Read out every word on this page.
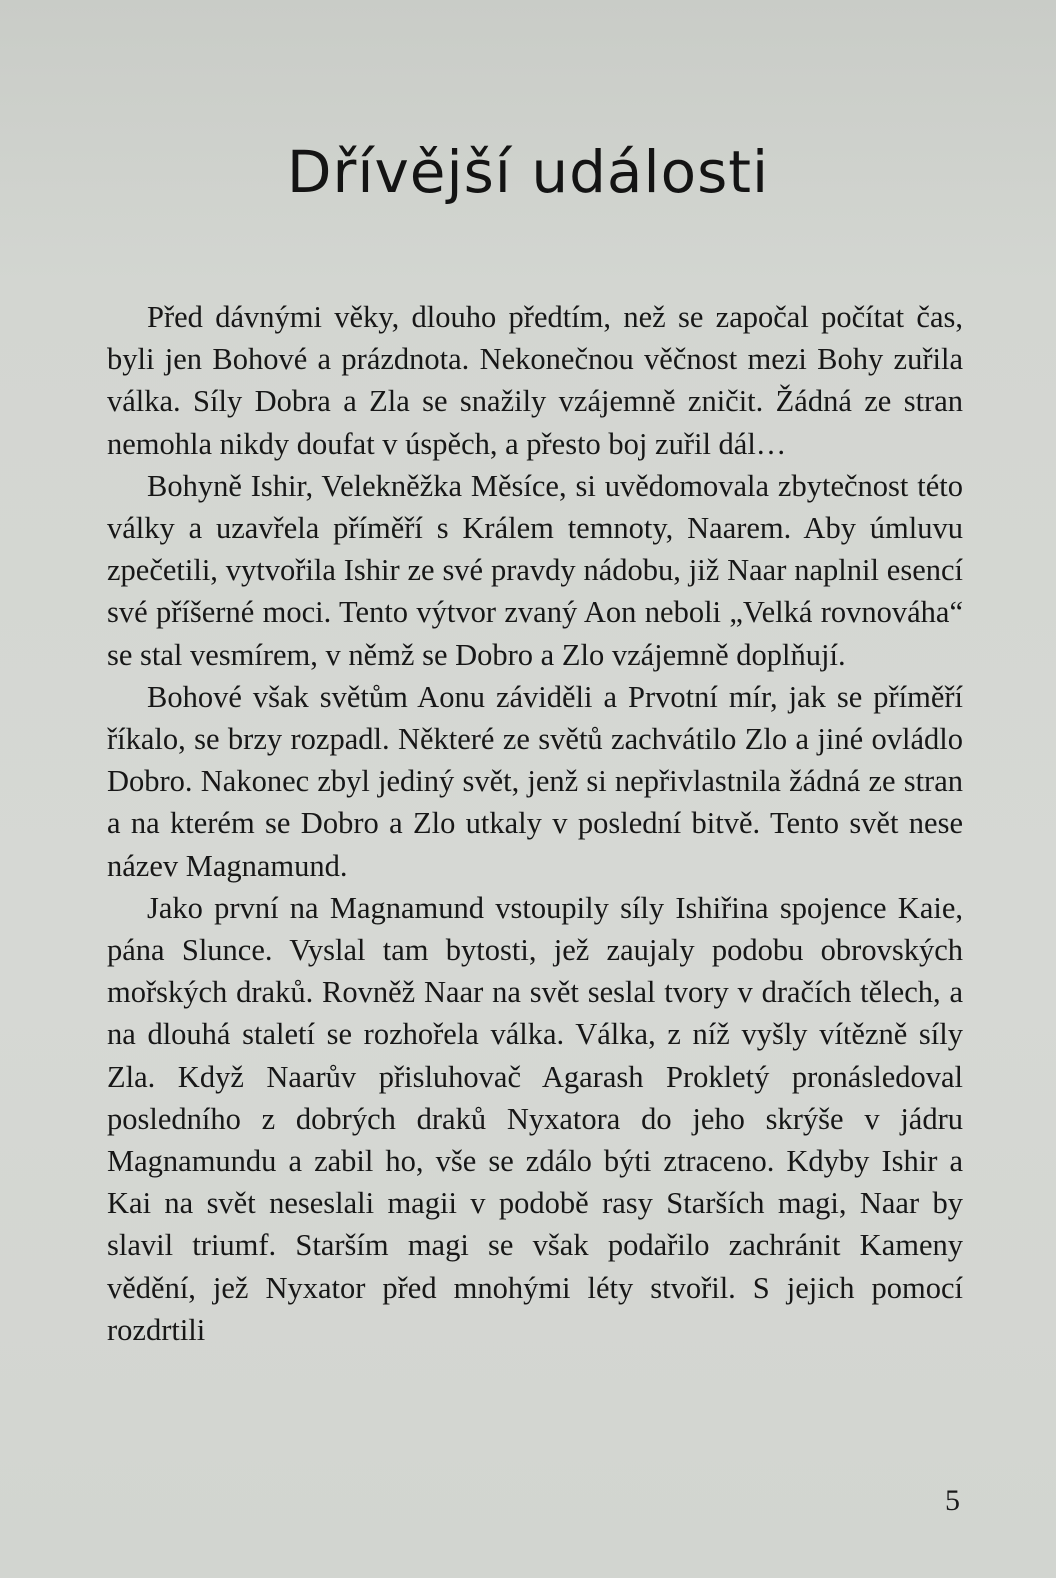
Dřívější události

Před dávnými věky, dlouho předtím, než se započal počítat čas, byli jen Bohové a prázdnota. Nekonečnou věčnost mezi Bohy zuřila válka. Síly Dobra a Zla se snažily vzájemně zničit. Žádná ze stran nemohla nikdy doufat v úspěch, a přesto boj zuřil dál…

Bohyně Ishir, Velekněžka Měsíce, si uvědomovala zbytečnost této války a uzavřela příměří s Králem temnoty, Naarem. Aby úmluvu zpečetili, vytvořila Ishir ze své pravdy nádobu, již Naar naplnil esencí své příšerné moci. Tento výtvor zvaný Aon neboli „Velká rovnováha“ se stal vesmírem, v němž se Dobro a Zlo vzájemně doplňují.

Bohové však světům Aonu záviděli a Prvotní mír, jak se příměří říkalo, se brzy rozpadl. Některé ze světů zachvátilo Zlo a jiné ovládlo Dobro. Nakonec zbyl jediný svět, jenž si nepřivlastnila žádná ze stran a na kterém se Dobro a Zlo utkaly v poslední bitvě. Tento svět nese název Magnamund.

Jako první na Magnamund vstoupily síly Ishiřina spojence Kaie, pána Slunce. Vyslal tam bytosti, jež zaujaly podobu obrovských mořských draků. Rovněž Naar na svět seslal tvory v dračích tělech, a na dlouhá staletí se rozhořela válka. Válka, z níž vyšly vítězně síly Zla. Když Naarův přisluhovač Agarash Prokletý pronásledoval posledního z dobrých draků Nyxatora do jeho skrýše v jádru Magnamundu a zabil ho, vše se zdálo býti ztraceno. Kdyby Ishir a Kai na svět neseslali magii v podobě rasy Starších magi, Naar by slavil triumf. Starším magi se však podařilo zachránit Kameny vědění, jež Nyxator před mnohými léty stvořil. S jejich pomocí rozdrtili

5
